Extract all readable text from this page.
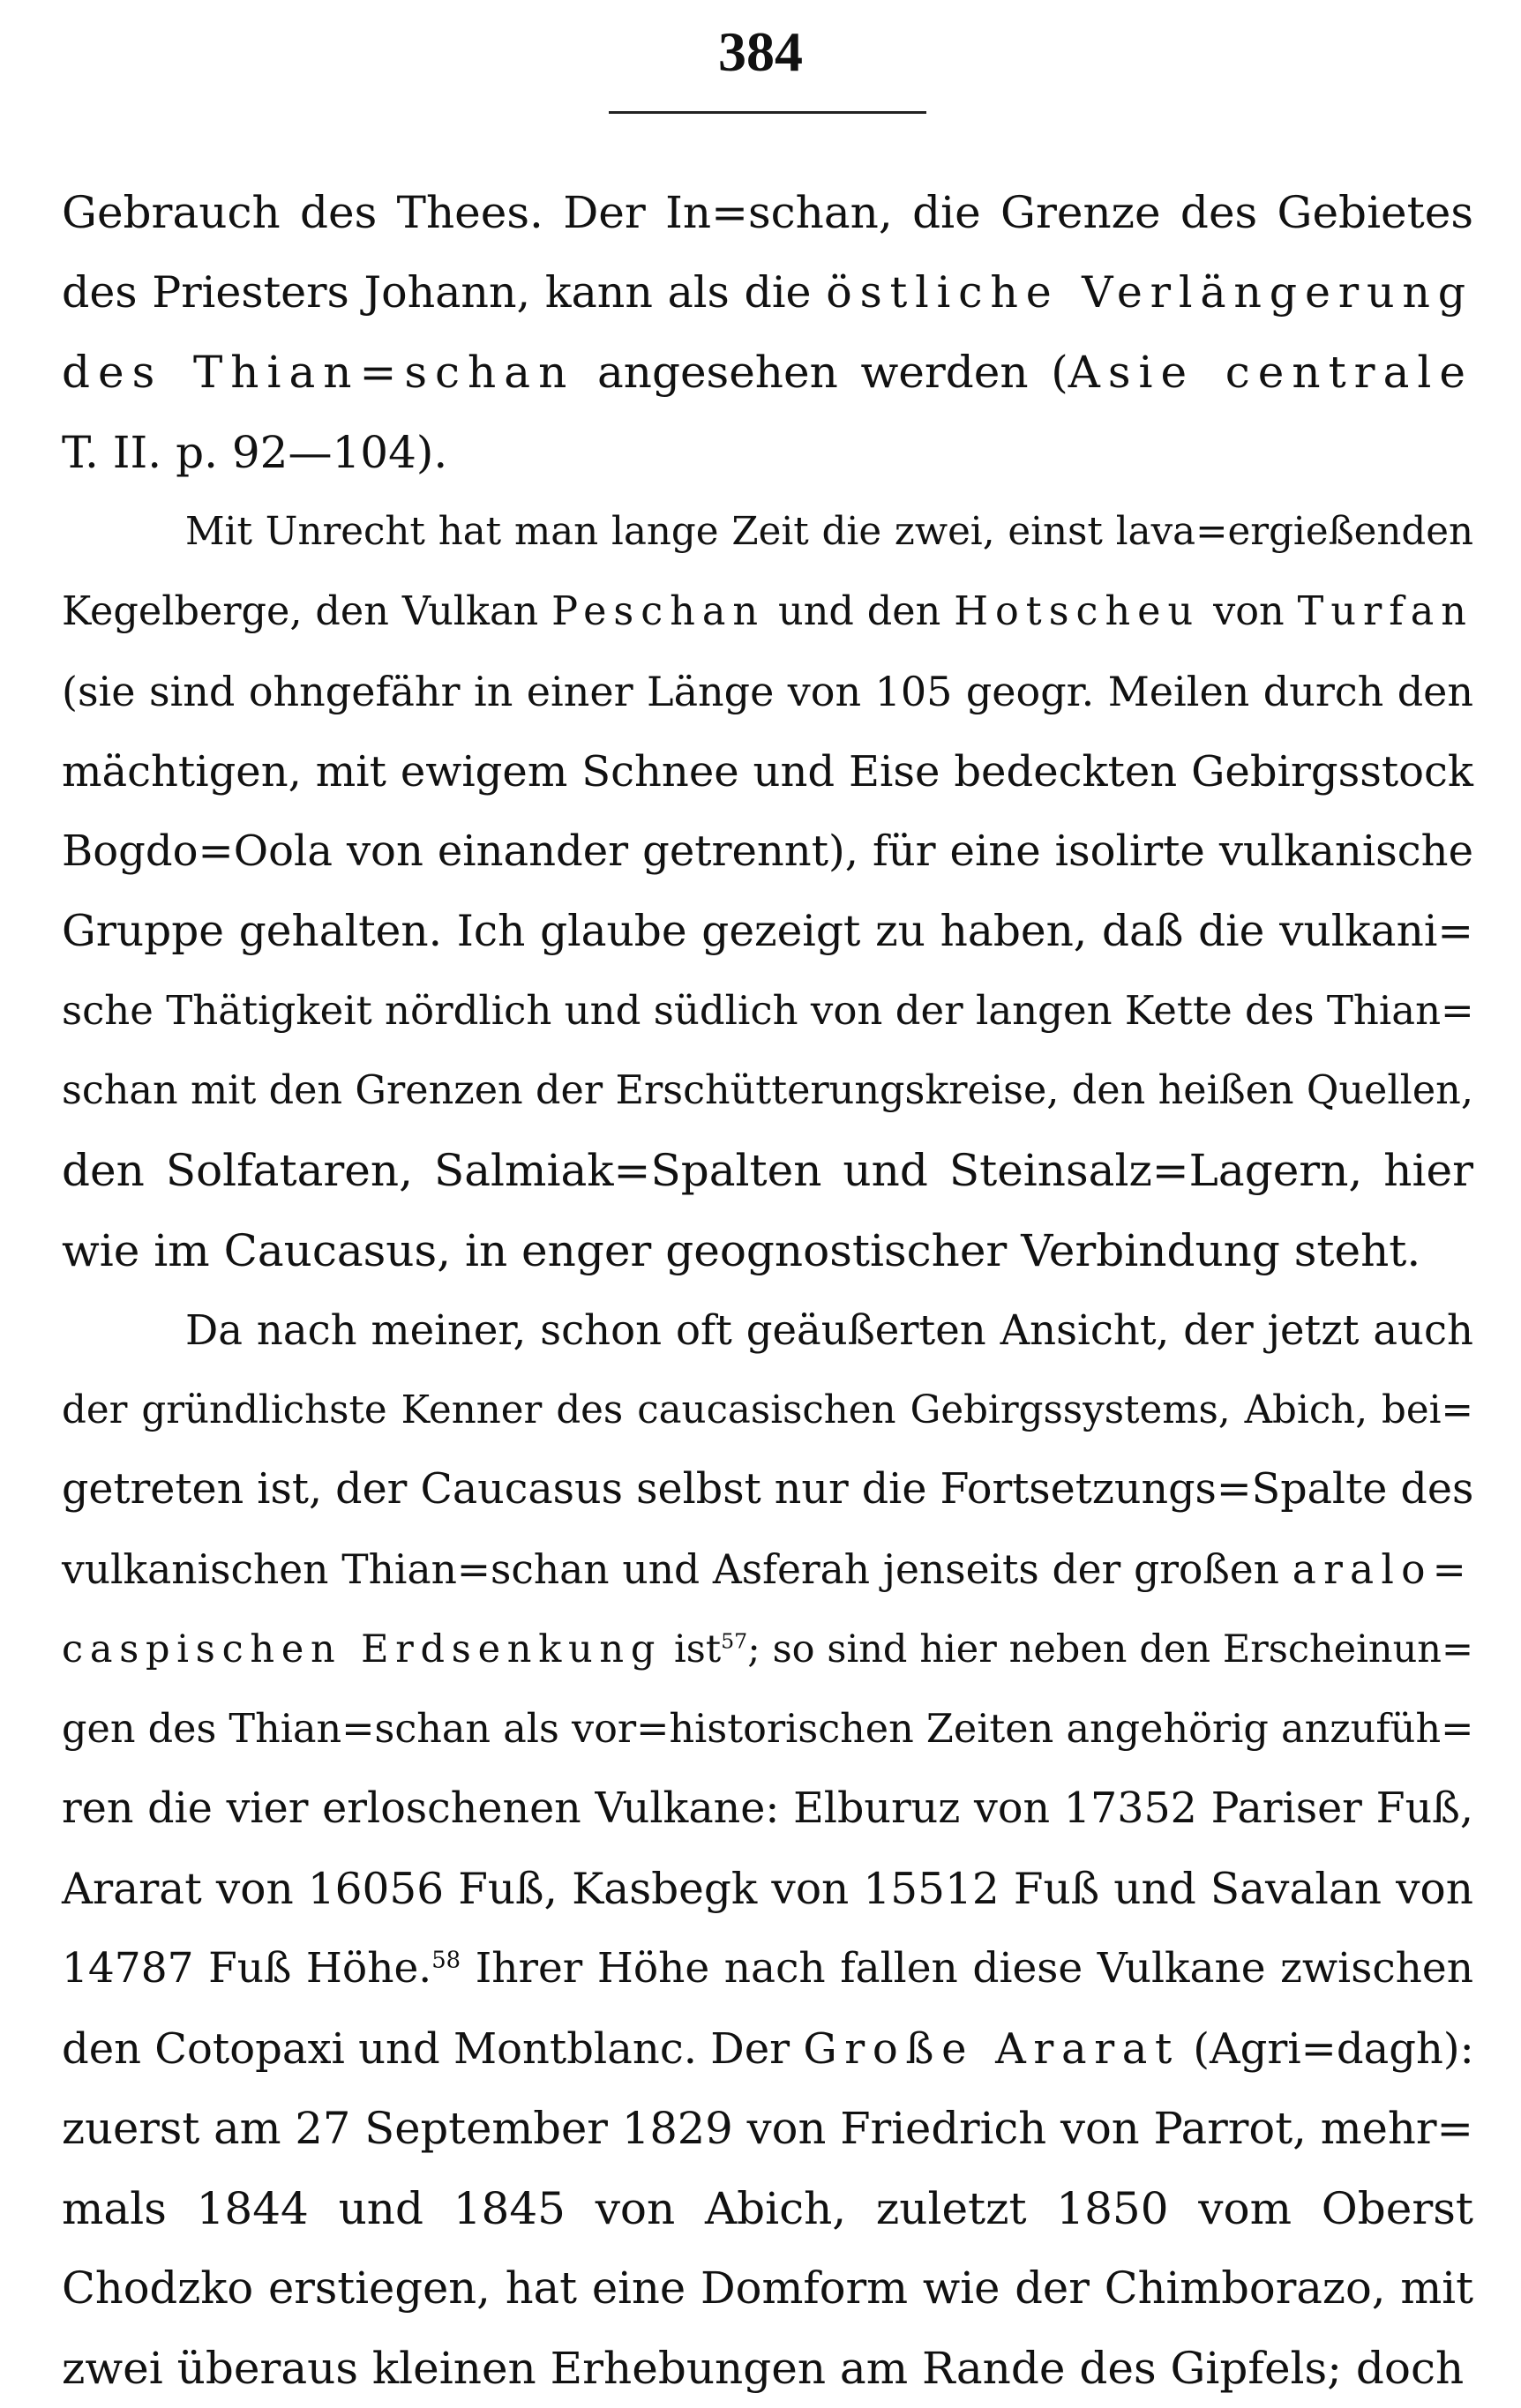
384
Gebrauch des Thees. Der In=schan, die Grenze des Gebietes
des Priesters Johann, kann als die östliche Verlängerung
des Thian=schan angesehen werden (Asie centrale
T. II. p. 92—104).
Mit Unrecht hat man lange Zeit die zwei, einst lava=ergießenden
Kegelberge, den Vulkan Peschan und den Hotscheu von Turfan
(sie sind ohngefähr in einer Länge von 105 geogr. Meilen durch den
mächtigen, mit ewigem Schnee und Eise bedeckten Gebirgsstock
Bogdo=Oola von einander getrennt), für eine isolirte vulkanische
Gruppe gehalten. Ich glaube gezeigt zu haben, daß die vulkani=
sche Thätigkeit nördlich und südlich von der langen Kette des Thian=
schan mit den Grenzen der Erschütterungskreise, den heißen Quellen,
den Solfataren, Salmiak=Spalten und Steinsalz=Lagern, hier
wie im Caucasus, in enger geognostischer Verbindung steht.
Da nach meiner, schon oft geäußerten Ansicht, der jetzt auch
der gründlichste Kenner des caucasischen Gebirgssystems, Abich, bei=
getreten ist, der Caucasus selbst nur die Fortsetzungs=Spalte des
vulkanischen Thian=schan und Asferah jenseits der großen aralo=
caspischen Erdsenkung ist$^{57}$; so sind hier neben den Erscheinun=
gen des Thian=schan als vor=historischen Zeiten angehörig anzufüh=
ren die vier erloschenen Vulkane: Elburuz von 17352 Pariser Fuß,
Ararat von 16056 Fuß, Kasbegk von 15512 Fuß und Savalan von
14787 Fuß Höhe.$^{58}$ Ihrer Höhe nach fallen diese Vulkane zwischen
den Cotopaxi und Montblanc. Der Große Ararat (Agri=dagh):
zuerst am 27 September 1829 von Friedrich von Parrot, mehr=
mals 1844 und 1845 von Abich, zuletzt 1850 vom Oberst
Chodzko erstiegen, hat eine Domform wie der Chimborazo, mit
zwei überaus kleinen Erhebungen am Rande des Gipfels; doch
